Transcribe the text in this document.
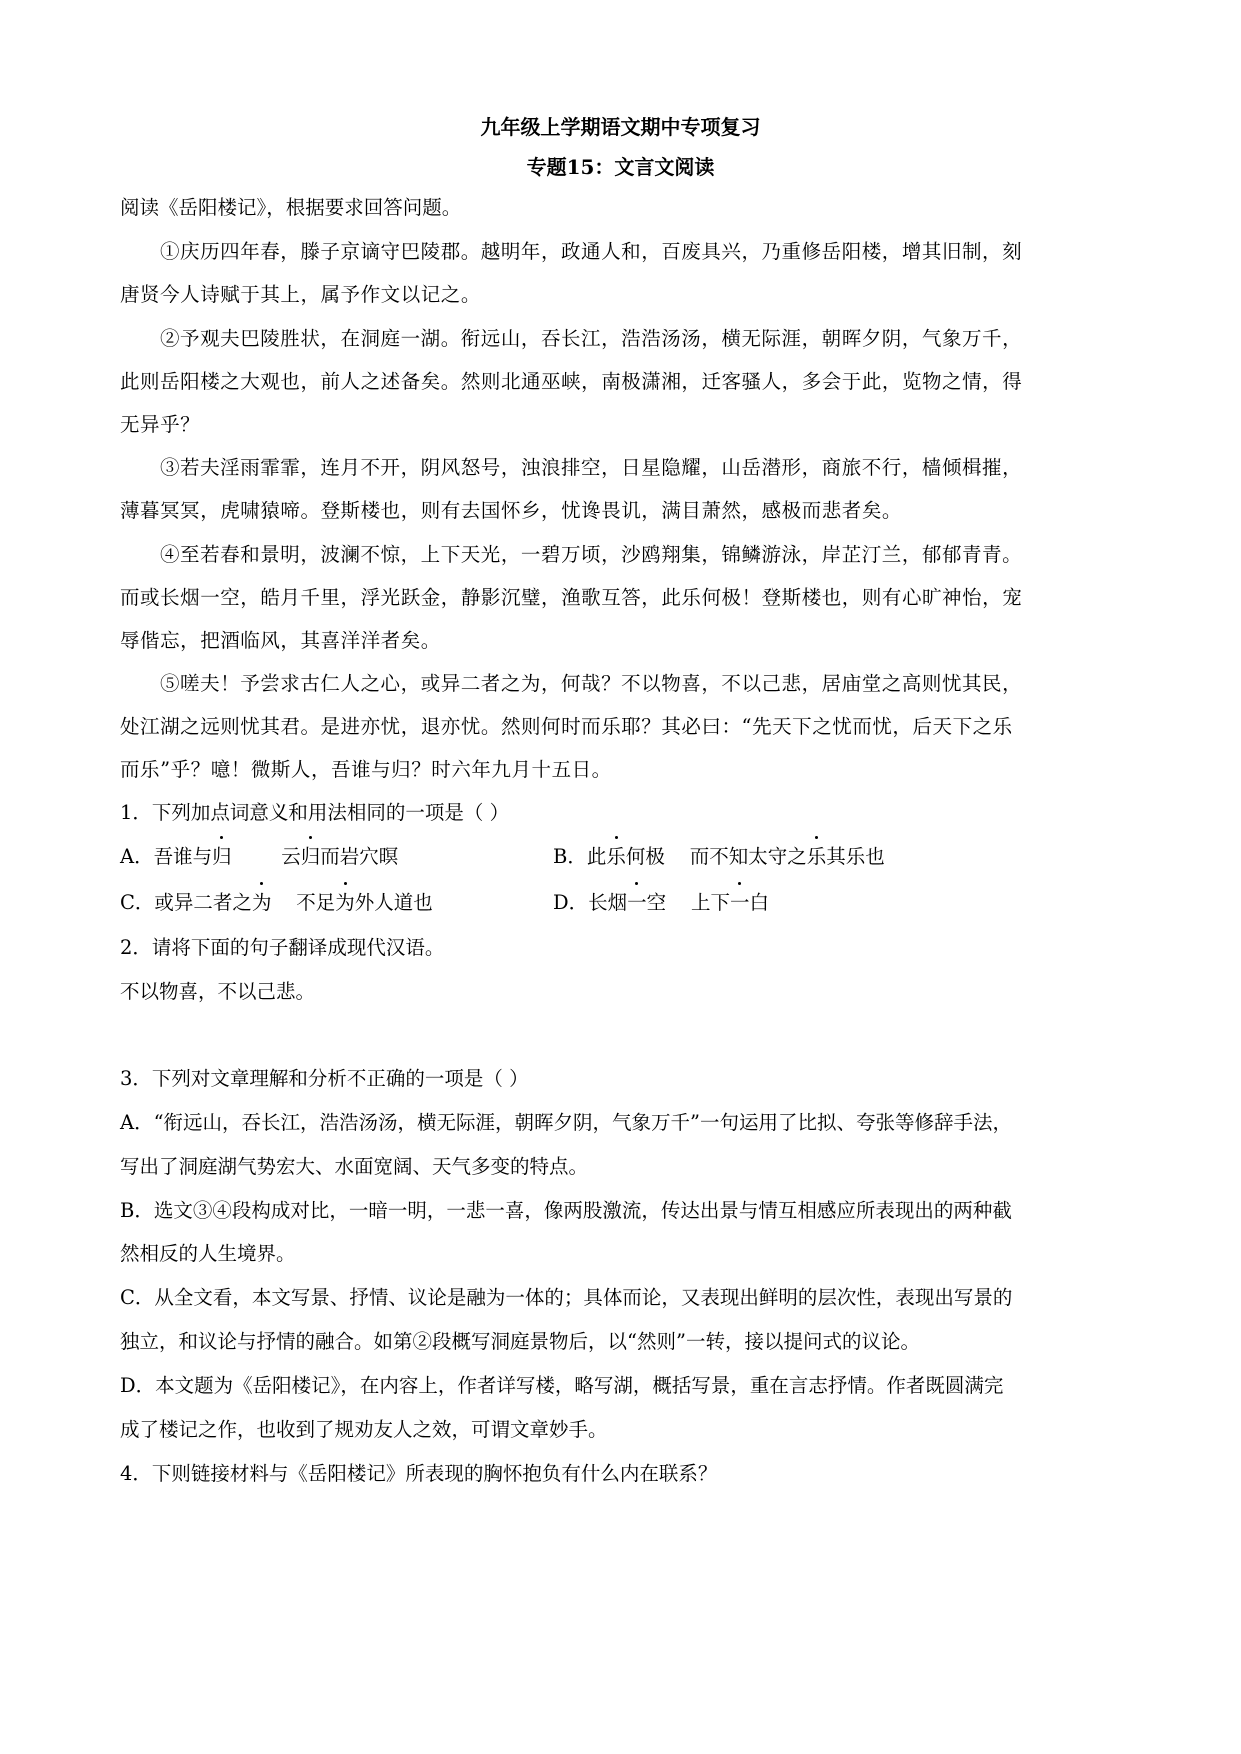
九年级上学期语文期中专项复习
专题15：文言文阅读
阅读《岳阳楼记》，根据要求回答问题。
①庆历四年春，滕子京谪守巴陵郡。越明年，政通人和，百废具兴，乃重修岳阳楼，增其旧制，刻
唐贤今人诗赋于其上，属予作文以记之。
②予观夫巴陵胜状，在洞庭一湖。衔远山，吞长江，浩浩汤汤，横无际涯，朝晖夕阴，气象万千，
此则岳阳楼之大观也，前人之述备矣。然则北通巫峡，南极潇湘，迁客骚人，多会于此，览物之情，得
无异乎？
③若夫淫雨霏霏，连月不开，阴风怒号，浊浪排空，日星隐耀，山岳潜形，商旅不行，樯倾楫摧，
薄暮冥冥，虎啸猿啼。登斯楼也，则有去国怀乡，忧谗畏讥，满目萧然，感极而悲者矣。
④至若春和景明，波澜不惊，上下天光，一碧万顷，沙鸥翔集，锦鳞游泳，岸芷汀兰，郁郁青青。
而或长烟一空，皓月千里，浮光跃金，静影沉璧，渔歌互答，此乐何极！登斯楼也，则有心旷神怡，宠
辱偕忘，把酒临风，其喜洋洋者矣。
⑤嗟夫！予尝求古仁人之心，或异二者之为，何哉？不以物喜，不以己悲，居庙堂之高则忧其民，
处江湖之远则忧其君。是进亦忧，退亦忧。然则何时而乐耶？其必曰：“先天下之忧而忧，后天下之乐
而乐”乎？噫！微斯人，吾谁与归？时六年九月十五日。
1．下列加点词意义和用法相同的一项是（ ）
A．吾谁与归	云归而岩穴暝	B．此乐何极 而不知太守之乐其乐也
C．或异二者之为 不足为外人道也	D．长烟一空 上下一白
2．请将下面的句子翻译成现代汉语。
不以物喜，不以己悲。
3．下列对文章理解和分析不正确的一项是（ ）
A．“衔远山，吞长江，浩浩汤汤，横无际涯，朝晖夕阴，气象万千”一句运用了比拟、夸张等修辞手法，
写出了洞庭湖气势宏大、水面宽阔、天气多变的特点。
B．选文③④段构成对比，一暗一明，一悲一喜，像两股激流，传达出景与情互相感应所表现出的两种截
然相反的人生境界。
C．从全文看，本文写景、抒情、议论是融为一体的；具体而论，又表现出鲜明的层次性，表现出写景的
独立，和议论与抒情的融合。如第②段概写洞庭景物后，以“然则”一转，接以提问式的议论。
D．本文题为《岳阳楼记》，在内容上，作者详写楼，略写湖，概括写景，重在言志抒情。作者既圆满完
成了楼记之作，也收到了规劝友人之效，可谓文章妙手。
4．下则链接材料与《岳阳楼记》所表现的胸怀抱负有什么内在联系？
